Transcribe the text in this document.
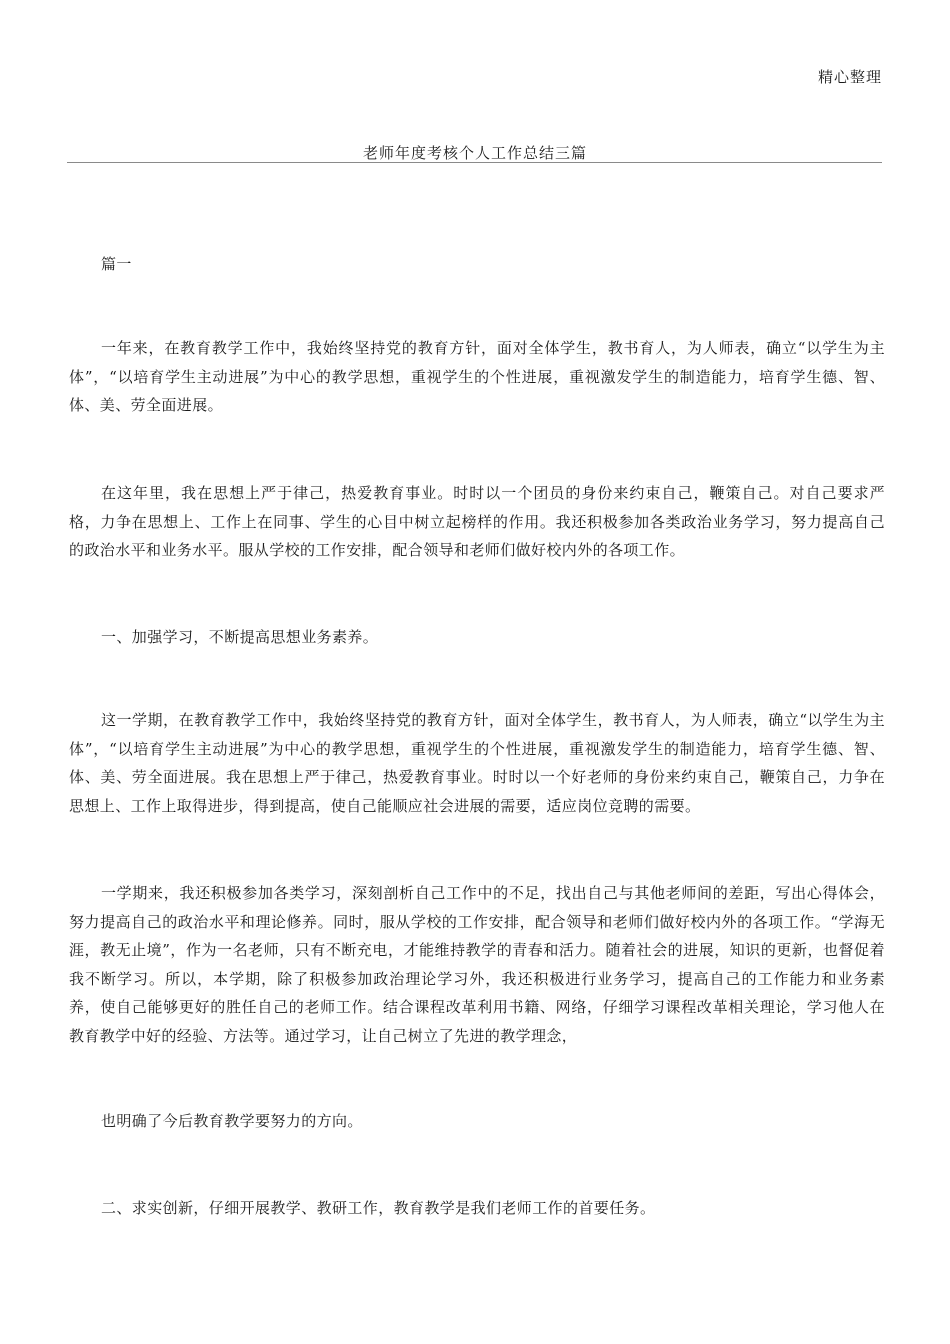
精心整理
老师年度考核个人工作总结三篇

篇一

一年来，在教育教学工作中，我始终坚持党的教育方针，面对全体学生，教书育人，为人师表，确立“以学生为主体”，“以培育学生主动进展”为中心的教学思想，重视学生的个性进展，重视激发学生的制造能力，培育学生德、智、体、美、劳全面进展。

在这年里，我在思想上严于律己，热爱教育事业。时时以一个团员的身份来约束自己，鞭策自己。对自己要求严格，力争在思想上、工作上在同事、学生的心目中树立起榜样的作用。我还积极参加各类政治业务学习，努力提高自己的政治水平和业务水平。服从学校的工作安排，配合领导和老师们做好校内外的各项工作。

一、加强学习，不断提高思想业务素养。

这一学期，在教育教学工作中，我始终坚持党的教育方针，面对全体学生，教书育人，为人师表，确立“以学生为主体”，“以培育学生主动进展”为中心的教学思想，重视学生的个性进展，重视激发学生的制造能力，培育学生德、智、体、美、劳全面进展。我在思想上严于律己，热爱教育事业。时时以一个好老师的身份来约束自己，鞭策自己，力争在思想上、工作上取得进步，得到提高，使自己能顺应社会进展的需要，适应岗位竞聘的需要。

一学期来，我还积极参加各类学习，深刻剖析自己工作中的不足，找出自己与其他老师间的差距，写出心得体会，努力提高自己的政治水平和理论修养。同时，服从学校的工作安排，配合领导和老师们做好校内外的各项工作。“学海无涯，教无止境”，作为一名老师，只有不断充电，才能维持教学的青春和活力。随着社会的进展，知识的更新，也督促着我不断学习。所以，本学期，除了积极参加政治理论学习外，我还积极进行业务学习，提高自己的工作能力和业务素养，使自己能够更好的胜任自己的老师工作。结合课程改革利用书籍、网络，仔细学习课程改革相关理论，学习他人在教育教学中好的经验、方法等。通过学习，让自己树立了先进的教学理念，

也明确了今后教育教学要努力的方向。

二、求实创新，仔细开展教学、教研工作，教育教学是我们老师工作的首要任务。
